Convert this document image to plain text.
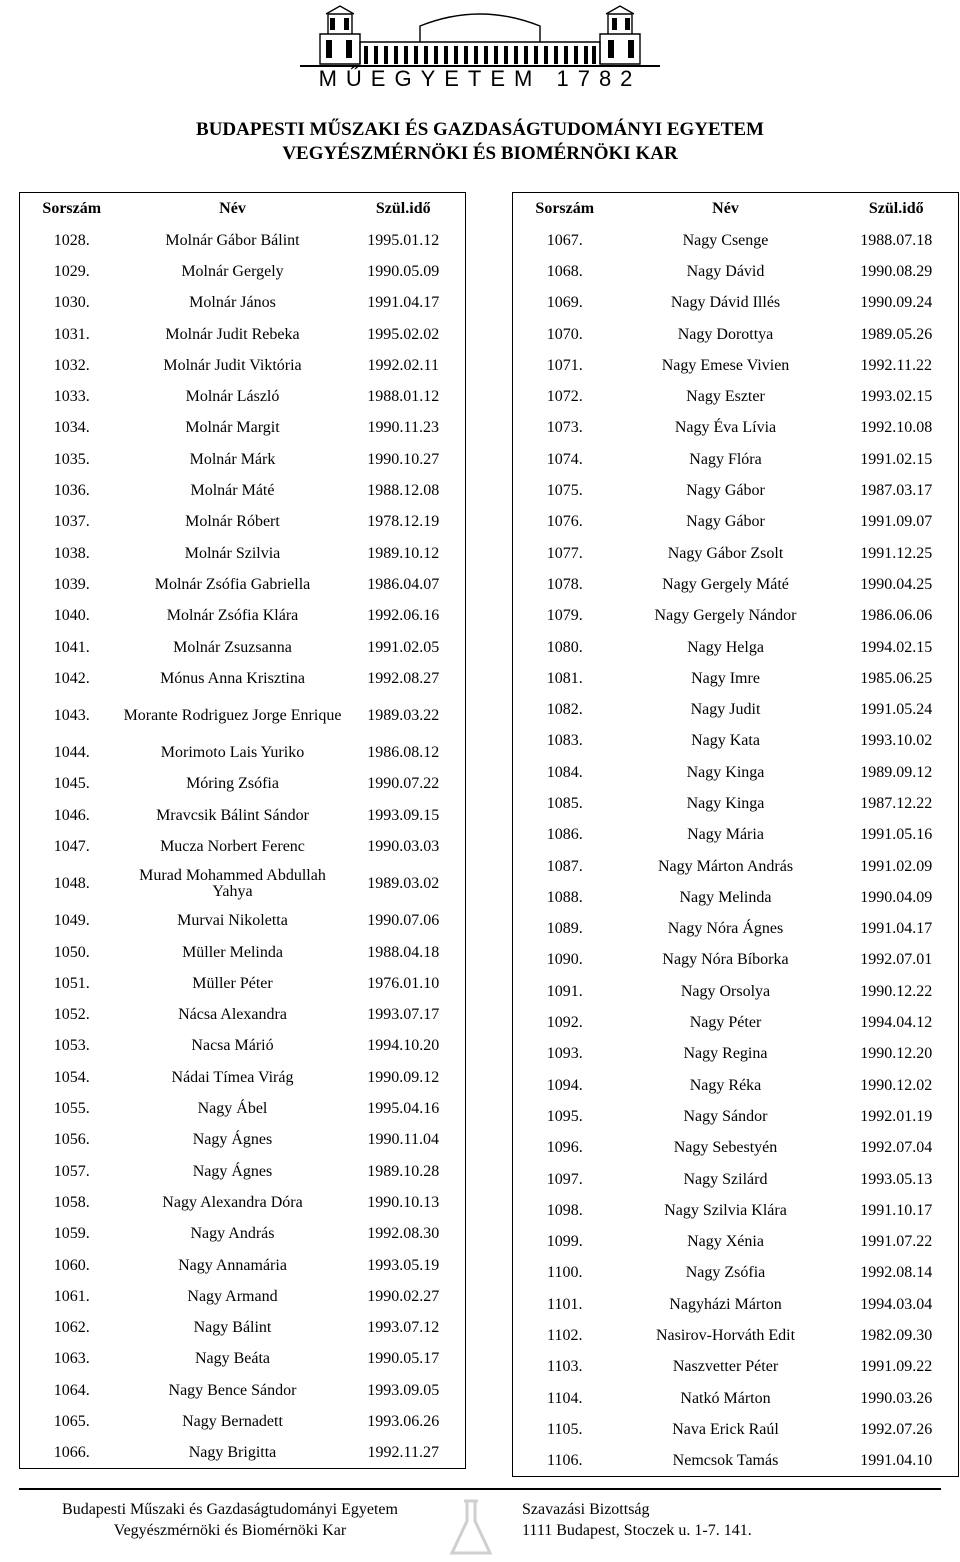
MŰEGYETEM 1782
BUDAPESTI MŰSZAKI ÉS GAZDASÁGTUDOMÁNYI EGYETEM
VEGYÉSZMÉRNÖKI ÉS BIOMÉRNÖKI KAR
Sorszám	Név	Szül.idő
1028.	Molnár Gábor Bálint	1995.01.12
1029.	Molnár Gergely	1990.05.09
1030.	Molnár János	1991.04.17
1031.	Molnár Judit Rebeka	1995.02.02
1032.	Molnár Judit Viktória	1992.02.11
1033.	Molnár László	1988.01.12
1034.	Molnár Margit	1990.11.23
1035.	Molnár Márk	1990.10.27
1036.	Molnár Máté	1988.12.08
1037.	Molnár Róbert	1978.12.19
1038.	Molnár Szilvia	1989.10.12
1039.	Molnár Zsófia Gabriella	1986.04.07
1040.	Molnár Zsófia Klára	1992.06.16
1041.	Molnár Zsuzsanna	1991.02.05
1042.	Mónus Anna Krisztina	1992.08.27
1043.	Morante Rodriguez Jorge Enrique	1989.03.22
1044.	Morimoto Lais Yuriko	1986.08.12
1045.	Móring Zsófia	1990.07.22
1046.	Mravcsik Bálint Sándor	1993.09.15
1047.	Mucza Norbert Ferenc	1990.03.03
1048.	Murad Mohammed Abdullah Yahya	1989.03.02
1049.	Murvai Nikoletta	1990.07.06
1050.	Müller Melinda	1988.04.18
1051.	Müller Péter	1976.01.10
1052.	Nácsa Alexandra	1993.07.17
1053.	Nacsa Márió	1994.10.20
1054.	Nádai Tímea Virág	1990.09.12
1055.	Nagy Ábel	1995.04.16
1056.	Nagy Ágnes	1990.11.04
1057.	Nagy Ágnes	1989.10.28
1058.	Nagy Alexandra Dóra	1990.10.13
1059.	Nagy András	1992.08.30
1060.	Nagy Annamária	1993.05.19
1061.	Nagy Armand	1990.02.27
1062.	Nagy Bálint	1993.07.12
1063.	Nagy Beáta	1990.05.17
1064.	Nagy Bence Sándor	1993.09.05
1065.	Nagy Bernadett	1993.06.26
1066.	Nagy Brigitta	1992.11.27
Sorszám	Név	Szül.idő
1067.	Nagy Csenge	1988.07.18
1068.	Nagy Dávid	1990.08.29
1069.	Nagy Dávid Illés	1990.09.24
1070.	Nagy Dorottya	1989.05.26
1071.	Nagy Emese Vivien	1992.11.22
1072.	Nagy Eszter	1993.02.15
1073.	Nagy Éva Lívia	1992.10.08
1074.	Nagy Flóra	1991.02.15
1075.	Nagy Gábor	1987.03.17
1076.	Nagy Gábor	1991.09.07
1077.	Nagy Gábor Zsolt	1991.12.25
1078.	Nagy Gergely Máté	1990.04.25
1079.	Nagy Gergely Nándor	1986.06.06
1080.	Nagy Helga	1994.02.15
1081.	Nagy Imre	1985.06.25
1082.	Nagy Judit	1991.05.24
1083.	Nagy Kata	1993.10.02
1084.	Nagy Kinga	1989.09.12
1085.	Nagy Kinga	1987.12.22
1086.	Nagy Mária	1991.05.16
1087.	Nagy Márton András	1991.02.09
1088.	Nagy Melinda	1990.04.09
1089.	Nagy Nóra Ágnes	1991.04.17
1090.	Nagy Nóra Bíborka	1992.07.01
1091.	Nagy Orsolya	1990.12.22
1092.	Nagy Péter	1994.04.12
1093.	Nagy Regina	1990.12.20
1094.	Nagy Réka	1990.12.02
1095.	Nagy Sándor	1992.01.19
1096.	Nagy Sebestyén	1992.07.04
1097.	Nagy Szilárd	1993.05.13
1098.	Nagy Szilvia Klára	1991.10.17
1099.	Nagy Xénia	1991.07.22
1100.	Nagy Zsófia	1992.08.14
1101.	Nagyházi Márton	1994.03.04
1102.	Nasirov-Horváth Edit	1982.09.30
1103.	Naszvetter Péter	1991.09.22
1104.	Natkó Márton	1990.03.26
1105.	Nava Erick Raúl	1992.07.26
1106.	Nemcsok Tamás	1991.04.10
Budapesti Műszaki és Gazdaságtudományi Egyetem
Vegyészmérnöki és Biomérnöki Kar
Szavazási Bizottság
1111 Budapest, Stoczek u. 1-7. 141.
